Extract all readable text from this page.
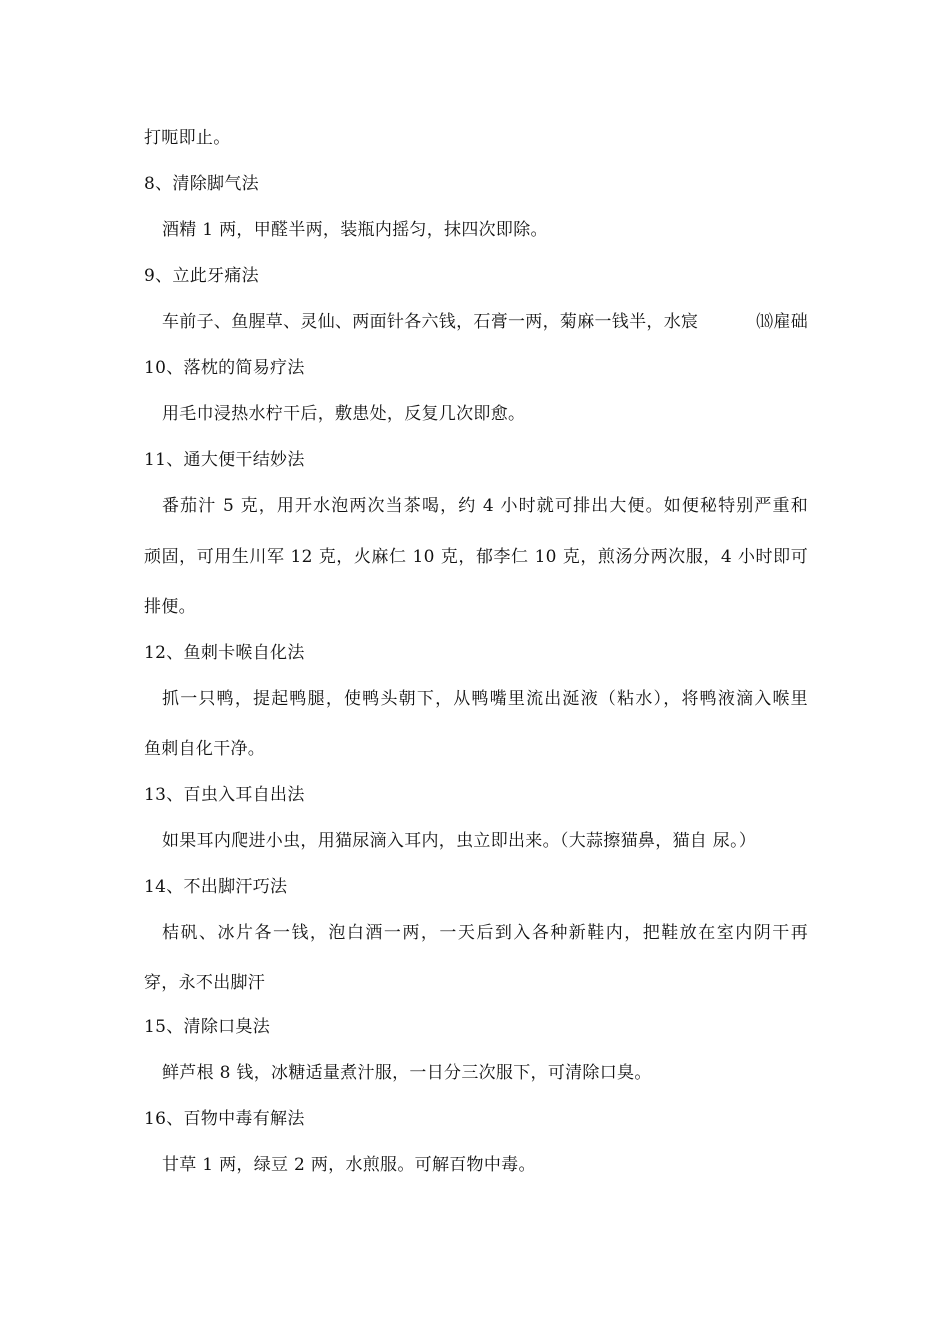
打呃即止。
8、清除脚气法
酒精 1 两，甲醛半两，装瓶内摇匀，抹四次即除。
9、立此牙痛法
车前子、鱼腥草、灵仙、两面针各六钱，石膏一两，菊麻一钱半，水宸	⒅雇础
10、落枕的简易疗法
用毛巾浸热水柠干后，敷患处，反复几次即愈。
11、通大便干结妙法
番茄汁 5 克，用开水泡两次当茶喝，约 4 小时就可排出大便。如便秘特别严重和
顽固，可用生川军 12 克，火麻仁 10 克，郁李仁 10 克，煎汤分两次服，4 小时即可
排便。
12、鱼刺卡喉自化法
抓一只鸭，提起鸭腿，使鸭头朝下，从鸭嘴里流出涎液（粘水），将鸭液滴入喉里
鱼刺自化干净。
13、百虫入耳自出法
如果耳内爬进小虫，用猫尿滴入耳内，虫立即出来。（大蒜擦猫鼻，猫自 尿。）
14、不出脚汗巧法
桔矾、冰片各一钱，泡白酒一两，一天后到入各种新鞋内，把鞋放在室内阴干再
穿，永不出脚汗
15、清除口臭法
鲜芦根 8 钱，冰糖适量煮汁服，一日分三次服下，可清除口臭。
16、百物中毒有解法
甘草 1 两，绿豆 2 两，水煎服。可解百物中毒。
